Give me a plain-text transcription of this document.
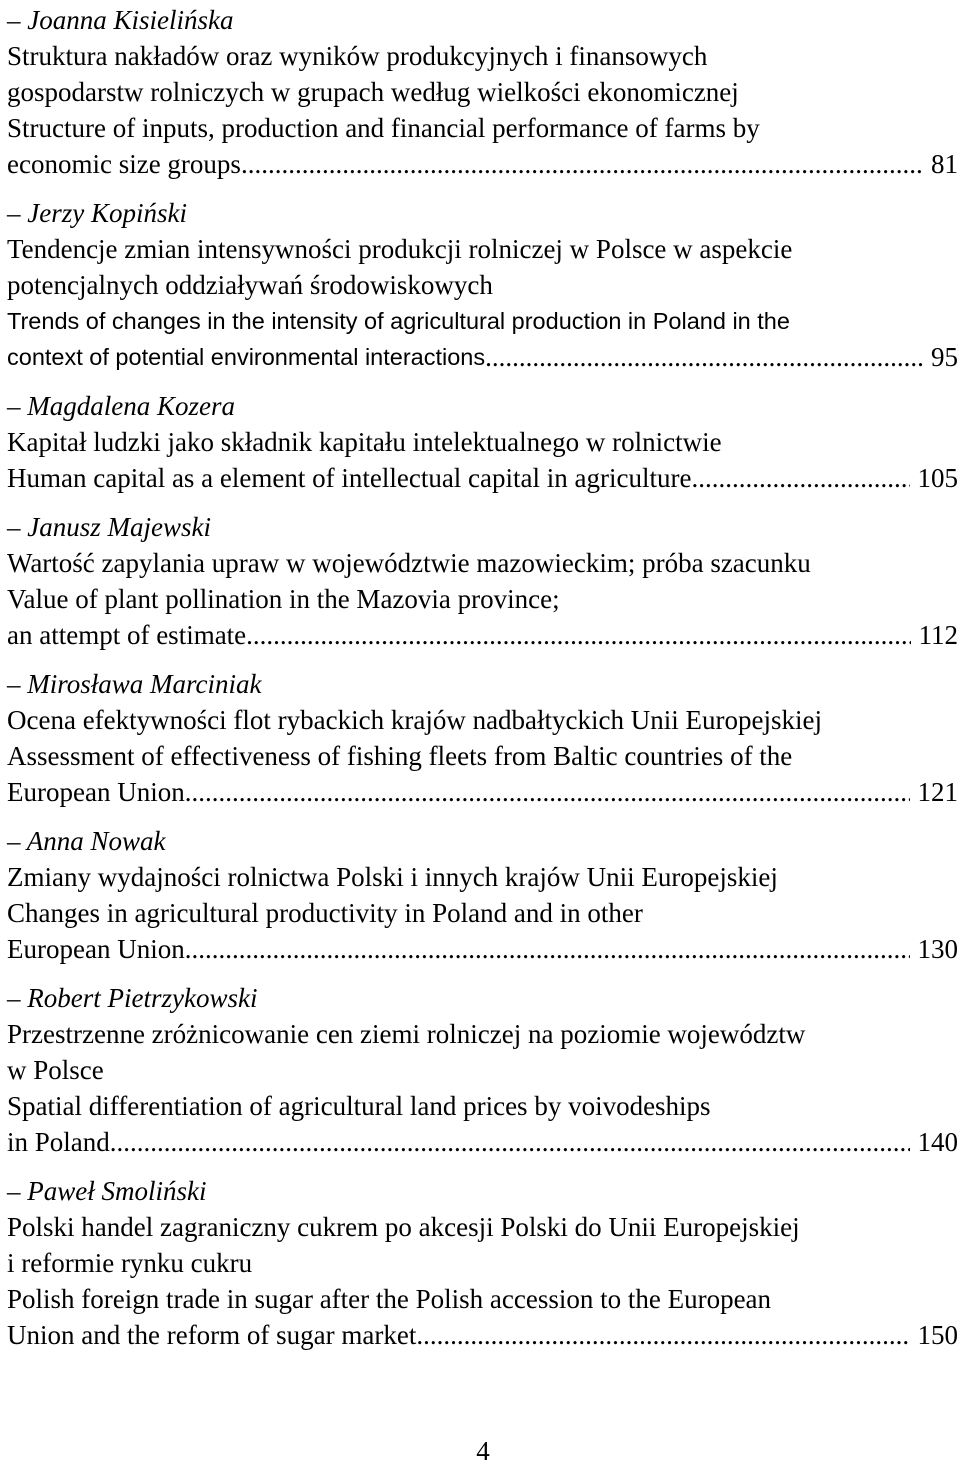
– Joanna Kisielińska
Struktura nakładów oraz wyników produkcyjnych i finansowych
gospodarstw rolniczych w grupach według wielkości ekonomicznej
Structure of inputs, production and financial performance of farms by
economic size groups .....	81
– Jerzy Kopiński
Tendencje zmian intensywności produkcji rolniczej w Polsce w aspekcie
potencjalnych oddziaływań środowiskowych
Trends of changes in the intensity of agricultural production in Poland in the
context of potential environmental interactions .....	95
– Magdalena Kozera
Kapitał ludzki jako składnik kapitału intelektualnego w rolnictwie
Human capital as a element of intellectual capital in agriculture .....	105
– Janusz Majewski
Wartość zapylania upraw w województwie mazowieckim; próba szacunku
Value of plant pollination in the Mazovia province;
an attempt of estimate .....	112
– Mirosława Marciniak
Ocena efektywności flot rybackich krajów nadbałtyckich Unii Europejskiej
Assessment of effectiveness of fishing fleets from Baltic countries of the
European Union .....	121
– Anna Nowak
Zmiany wydajności rolnictwa Polski i innych krajów Unii Europejskiej
Changes in agricultural productivity in Poland and in other
European Union .....	130
– Robert Pietrzykowski
Przestrzenne zróżnicowanie cen ziemi rolniczej na poziomie województw
w Polsce
Spatial differentiation of agricultural land prices by voivodeships
in Poland .....	140
– Paweł Smoliński
Polski handel zagraniczny cukrem po akcesji Polski do Unii Europejskiej
i reformie rynku cukru
Polish foreign trade in sugar after the Polish accession to the European
Union and the reform of sugar market .....	150
4
